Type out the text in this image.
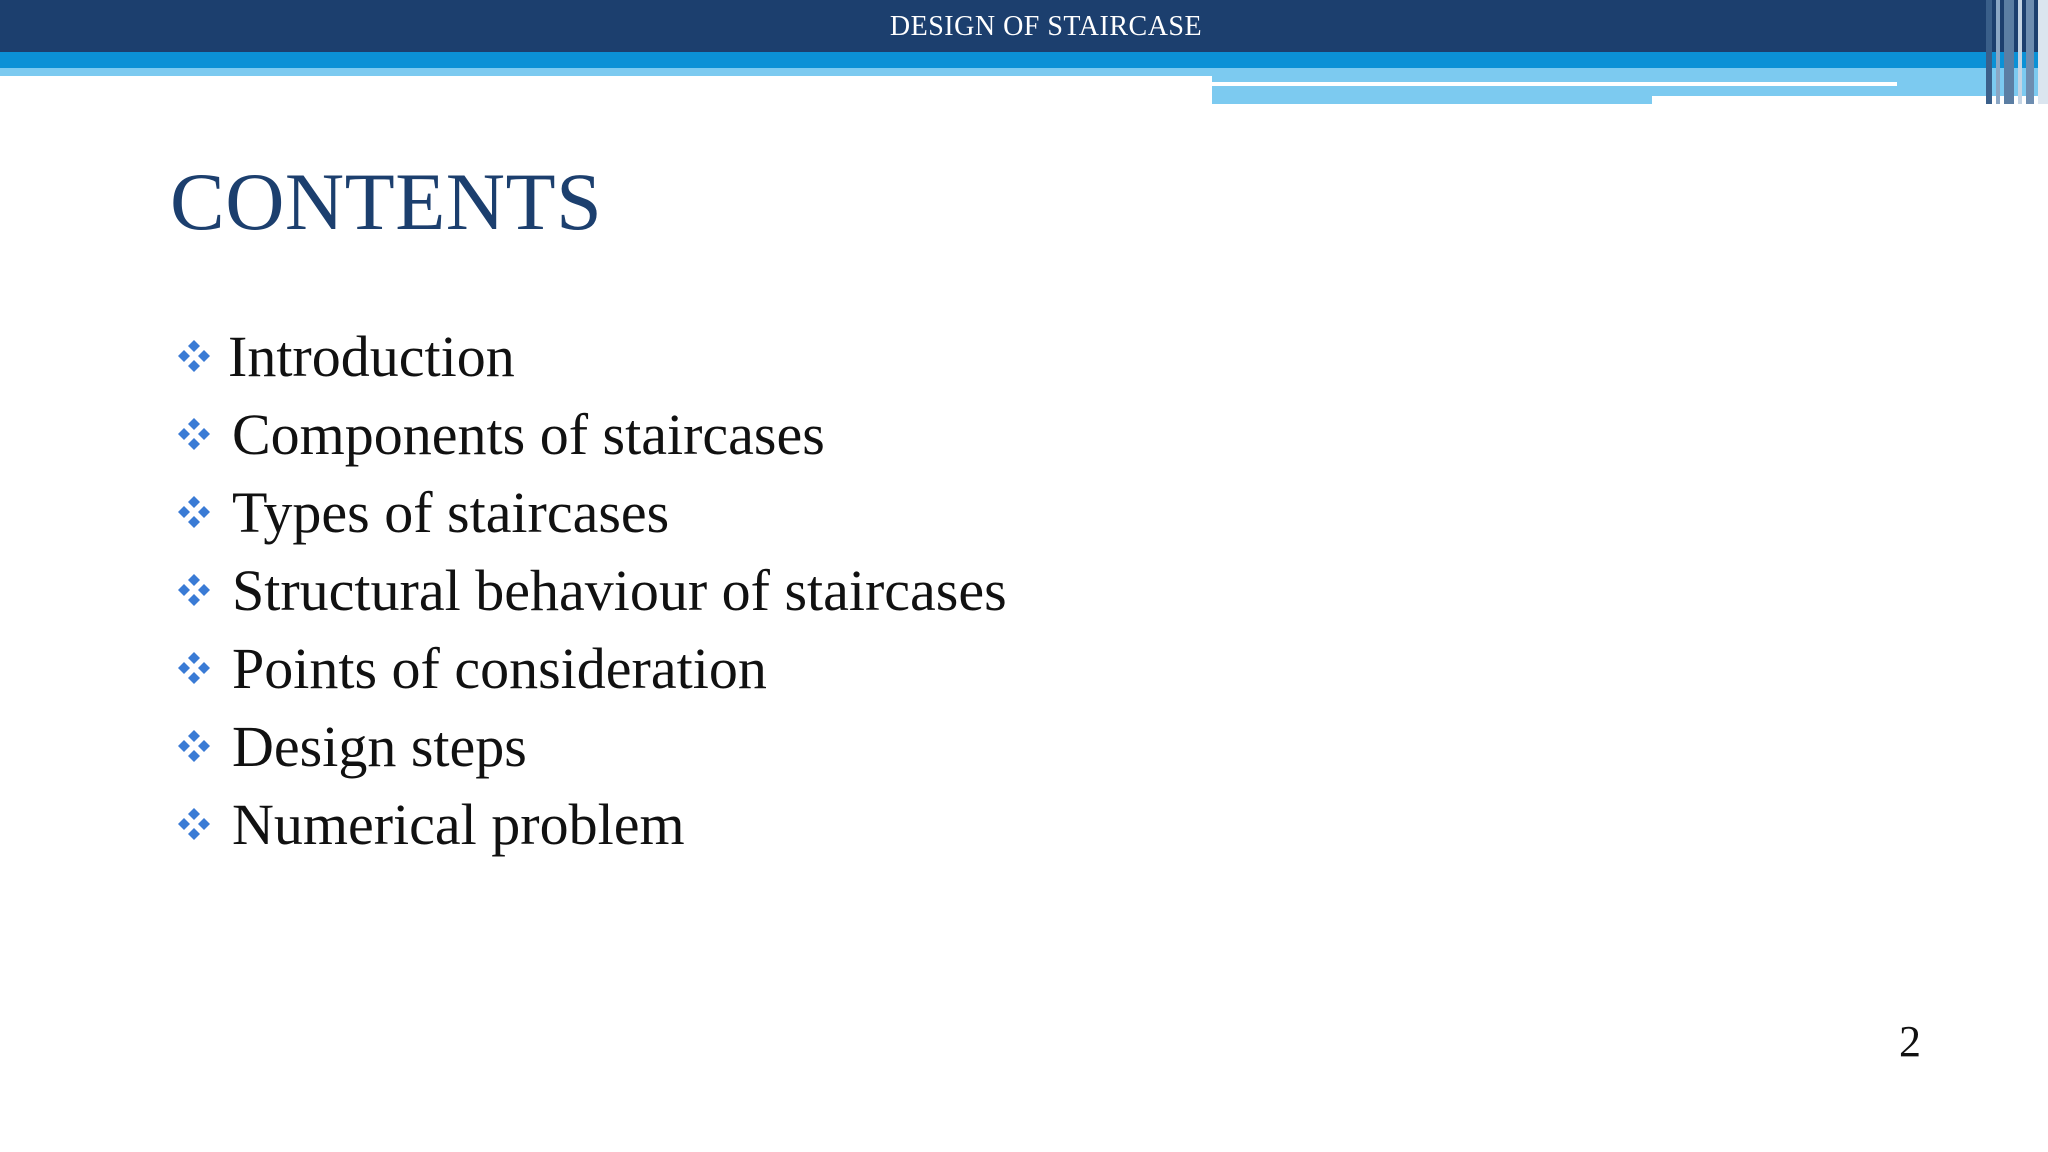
DESIGN OF STAIRCASE
CONTENTS
Introduction
Components of staircases
Types of staircases
Structural behaviour of staircases
Points of consideration
Design steps
Numerical problem
2
